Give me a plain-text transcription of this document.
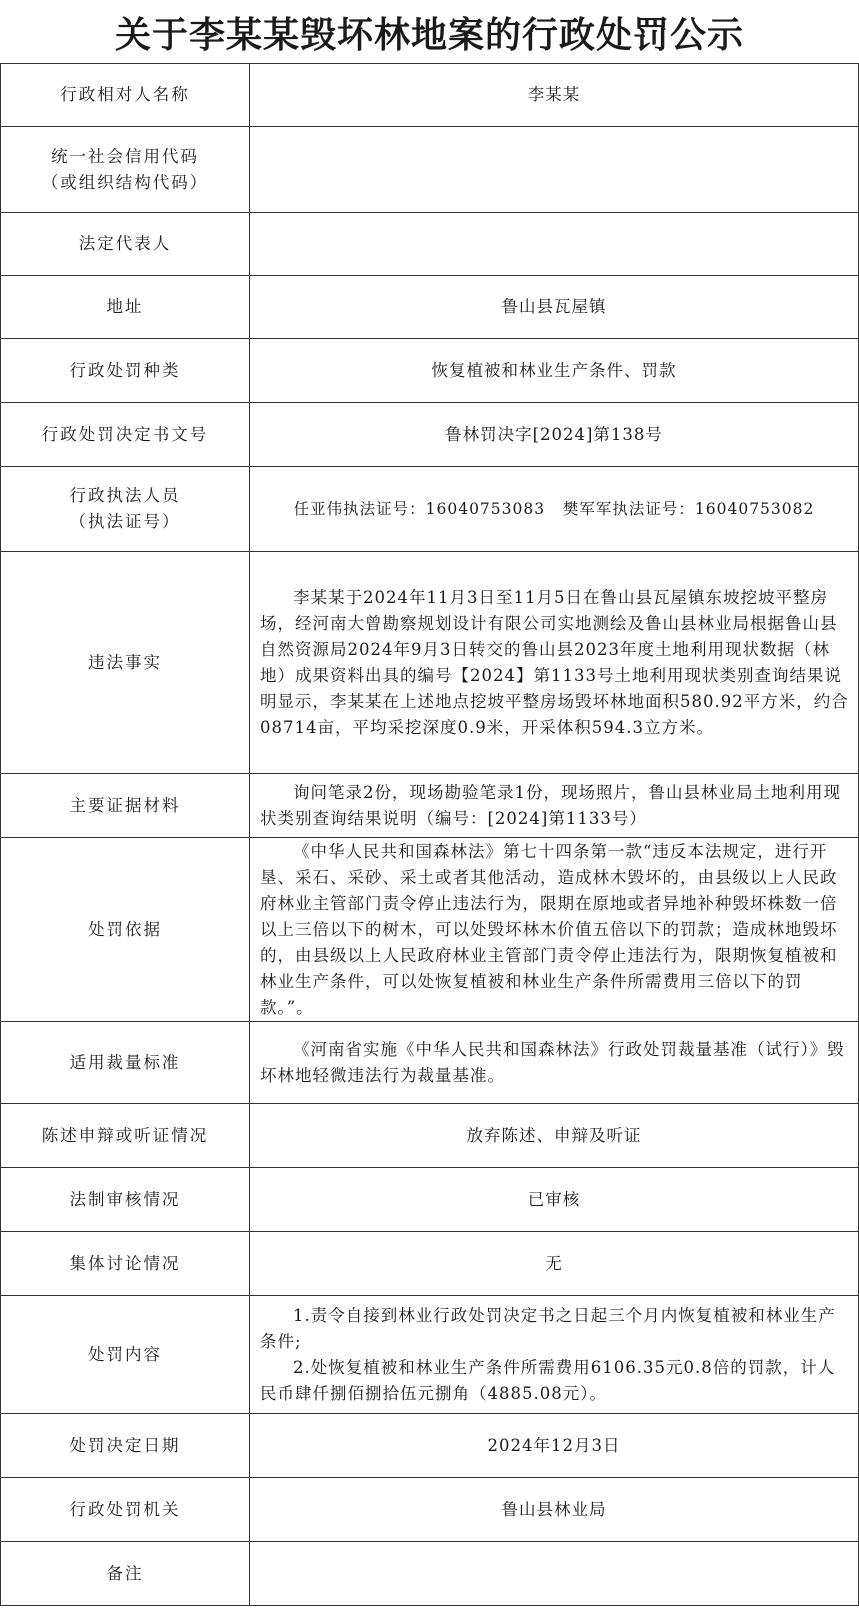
关于李某某毁坏林地案的行政处罚公示
行政相对人名称	李某某

统一社会信用代码
（或组织结构代码）	

法定代表人	

地址	鲁山县瓦屋镇

行政处罚种类	恢复植被和林业生产条件、罚款

行政处罚决定书文号	鲁林罚决字[2024]第138号

行政执法人员
（执法证号）	任亚伟执法证号：16040753083   樊军军执法证号：16040753082

违法事实	李某某于2024年11月3日至11月5日在鲁山县瓦屋镇东坡挖坡平整房场，经河南大曾勘察规划设计有限公司实地测绘及鲁山县林业局根据鲁山县自然资源局2024年9月3日转交的鲁山县2023年度土地利用现状数据（林地）成果资料出具的编号【2024】第1133号土地利用现状类别查询结果说明显示，李某某在上述地点挖坡平整房场毁坏林地面积580.92平方米，约合08714亩，平均采挖深度0.9米，开采体积594.3立方米。

主要证据材料	询问笔录2份，现场勘验笔录1份，现场照片，鲁山县林业局土地利用现状类别查询结果说明（编号：[2024]第1133号）

处罚依据	《中华人民共和国森林法》第七十四条第一款“违反本法规定，进行开垦、采石、采砂、采土或者其他活动，造成林木毁坏的，由县级以上人民政府林业主管部门责令停止违法行为，限期在原地或者异地补种毁坏株数一倍以上三倍以下的树木，可以处毁坏林木价值五倍以下的罚款；造成林地毁坏的，由县级以上人民政府林业主管部门责令停止违法行为，限期恢复植被和林业生产条件，可以处恢复植被和林业生产条件所需费用三倍以下的罚款。”。

适用裁量标准	《河南省实施《中华人民共和国森林法》行政处罚裁量基准（试行）》毁坏林地轻微违法行为裁量基准。

陈述申辩或听证情况	放弃陈述、申辩及听证

法制审核情况	已审核

集体讨论情况	无

处罚内容	1.责令自接到林业行政处罚决定书之日起三个月内恢复植被和林业生产条件;
2.处恢复植被和林业生产条件所需费用6106.35元0.8倍的罚款，计人民币肆仟捌佰捌拾伍元捌角（4885.08元）。

处罚决定日期	2024年12月3日

行政处罚机关	鲁山县林业局

备注	
